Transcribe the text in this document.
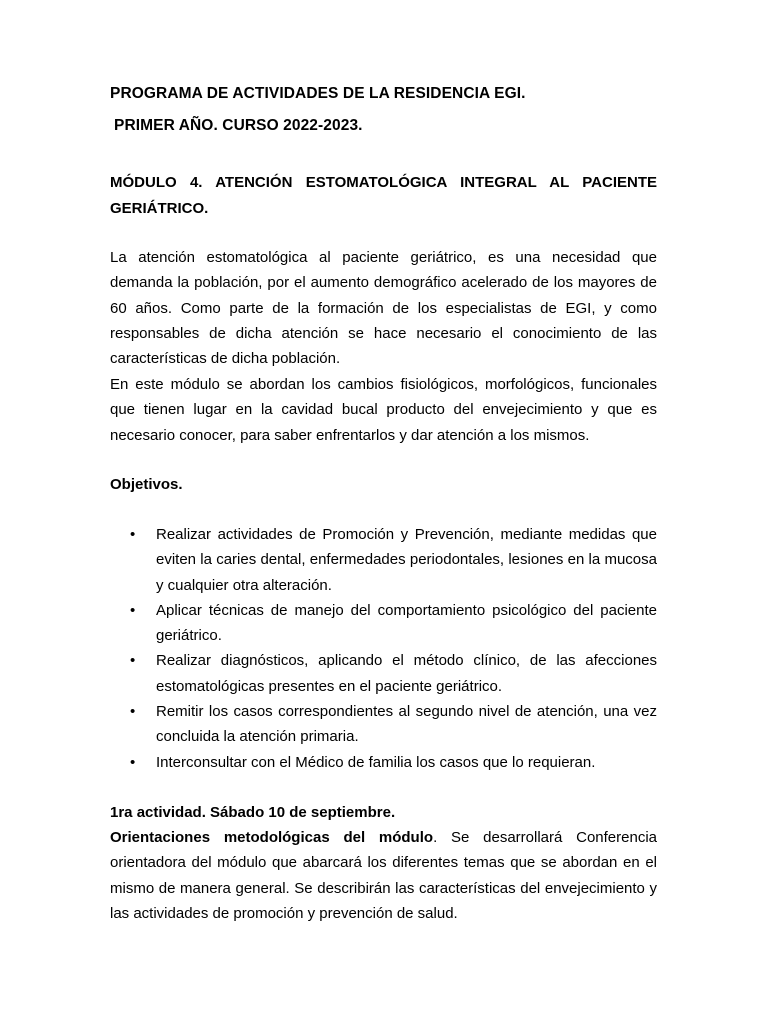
PROGRAMA DE ACTIVIDADES DE LA RESIDENCIA EGI.

PRIMER AÑO. CURSO 2022-2023.

MÓDULO 4. ATENCIÓN ESTOMATOLÓGICA INTEGRAL AL PACIENTE GERIÁTRICO.

La atención estomatológica al paciente geriátrico, es una necesidad que demanda la población, por el aumento demográfico acelerado de los mayores de 60 años. Como parte de la formación de los especialistas de EGI, y como responsables de dicha atención se hace necesario el conocimiento de las características de dicha población.

En este módulo se abordan los cambios fisiológicos, morfológicos, funcionales que tienen lugar en la cavidad bucal producto del envejecimiento y que es necesario conocer, para saber enfrentarlos y dar atención a los mismos.

Objetivos.

• Realizar actividades de Promoción y Prevención, mediante medidas que eviten la caries dental, enfermedades periodontales, lesiones en la mucosa y cualquier otra alteración.
• Aplicar técnicas de manejo del comportamiento psicológico del paciente geriátrico.
• Realizar diagnósticos, aplicando el método clínico, de las afecciones estomatológicas presentes en el paciente geriátrico.
• Remitir los casos correspondientes al segundo nivel de atención, una vez concluida la atención primaria.
• Interconsultar con el Médico de familia los casos que lo requieran.

1ra actividad. Sábado 10 de septiembre.

Orientaciones metodológicas del módulo. Se desarrollará Conferencia orientadora del módulo que abarcará los diferentes temas que se abordan en el mismo de manera general. Se describirán las características del envejecimiento y las actividades de promoción y prevención de salud.
